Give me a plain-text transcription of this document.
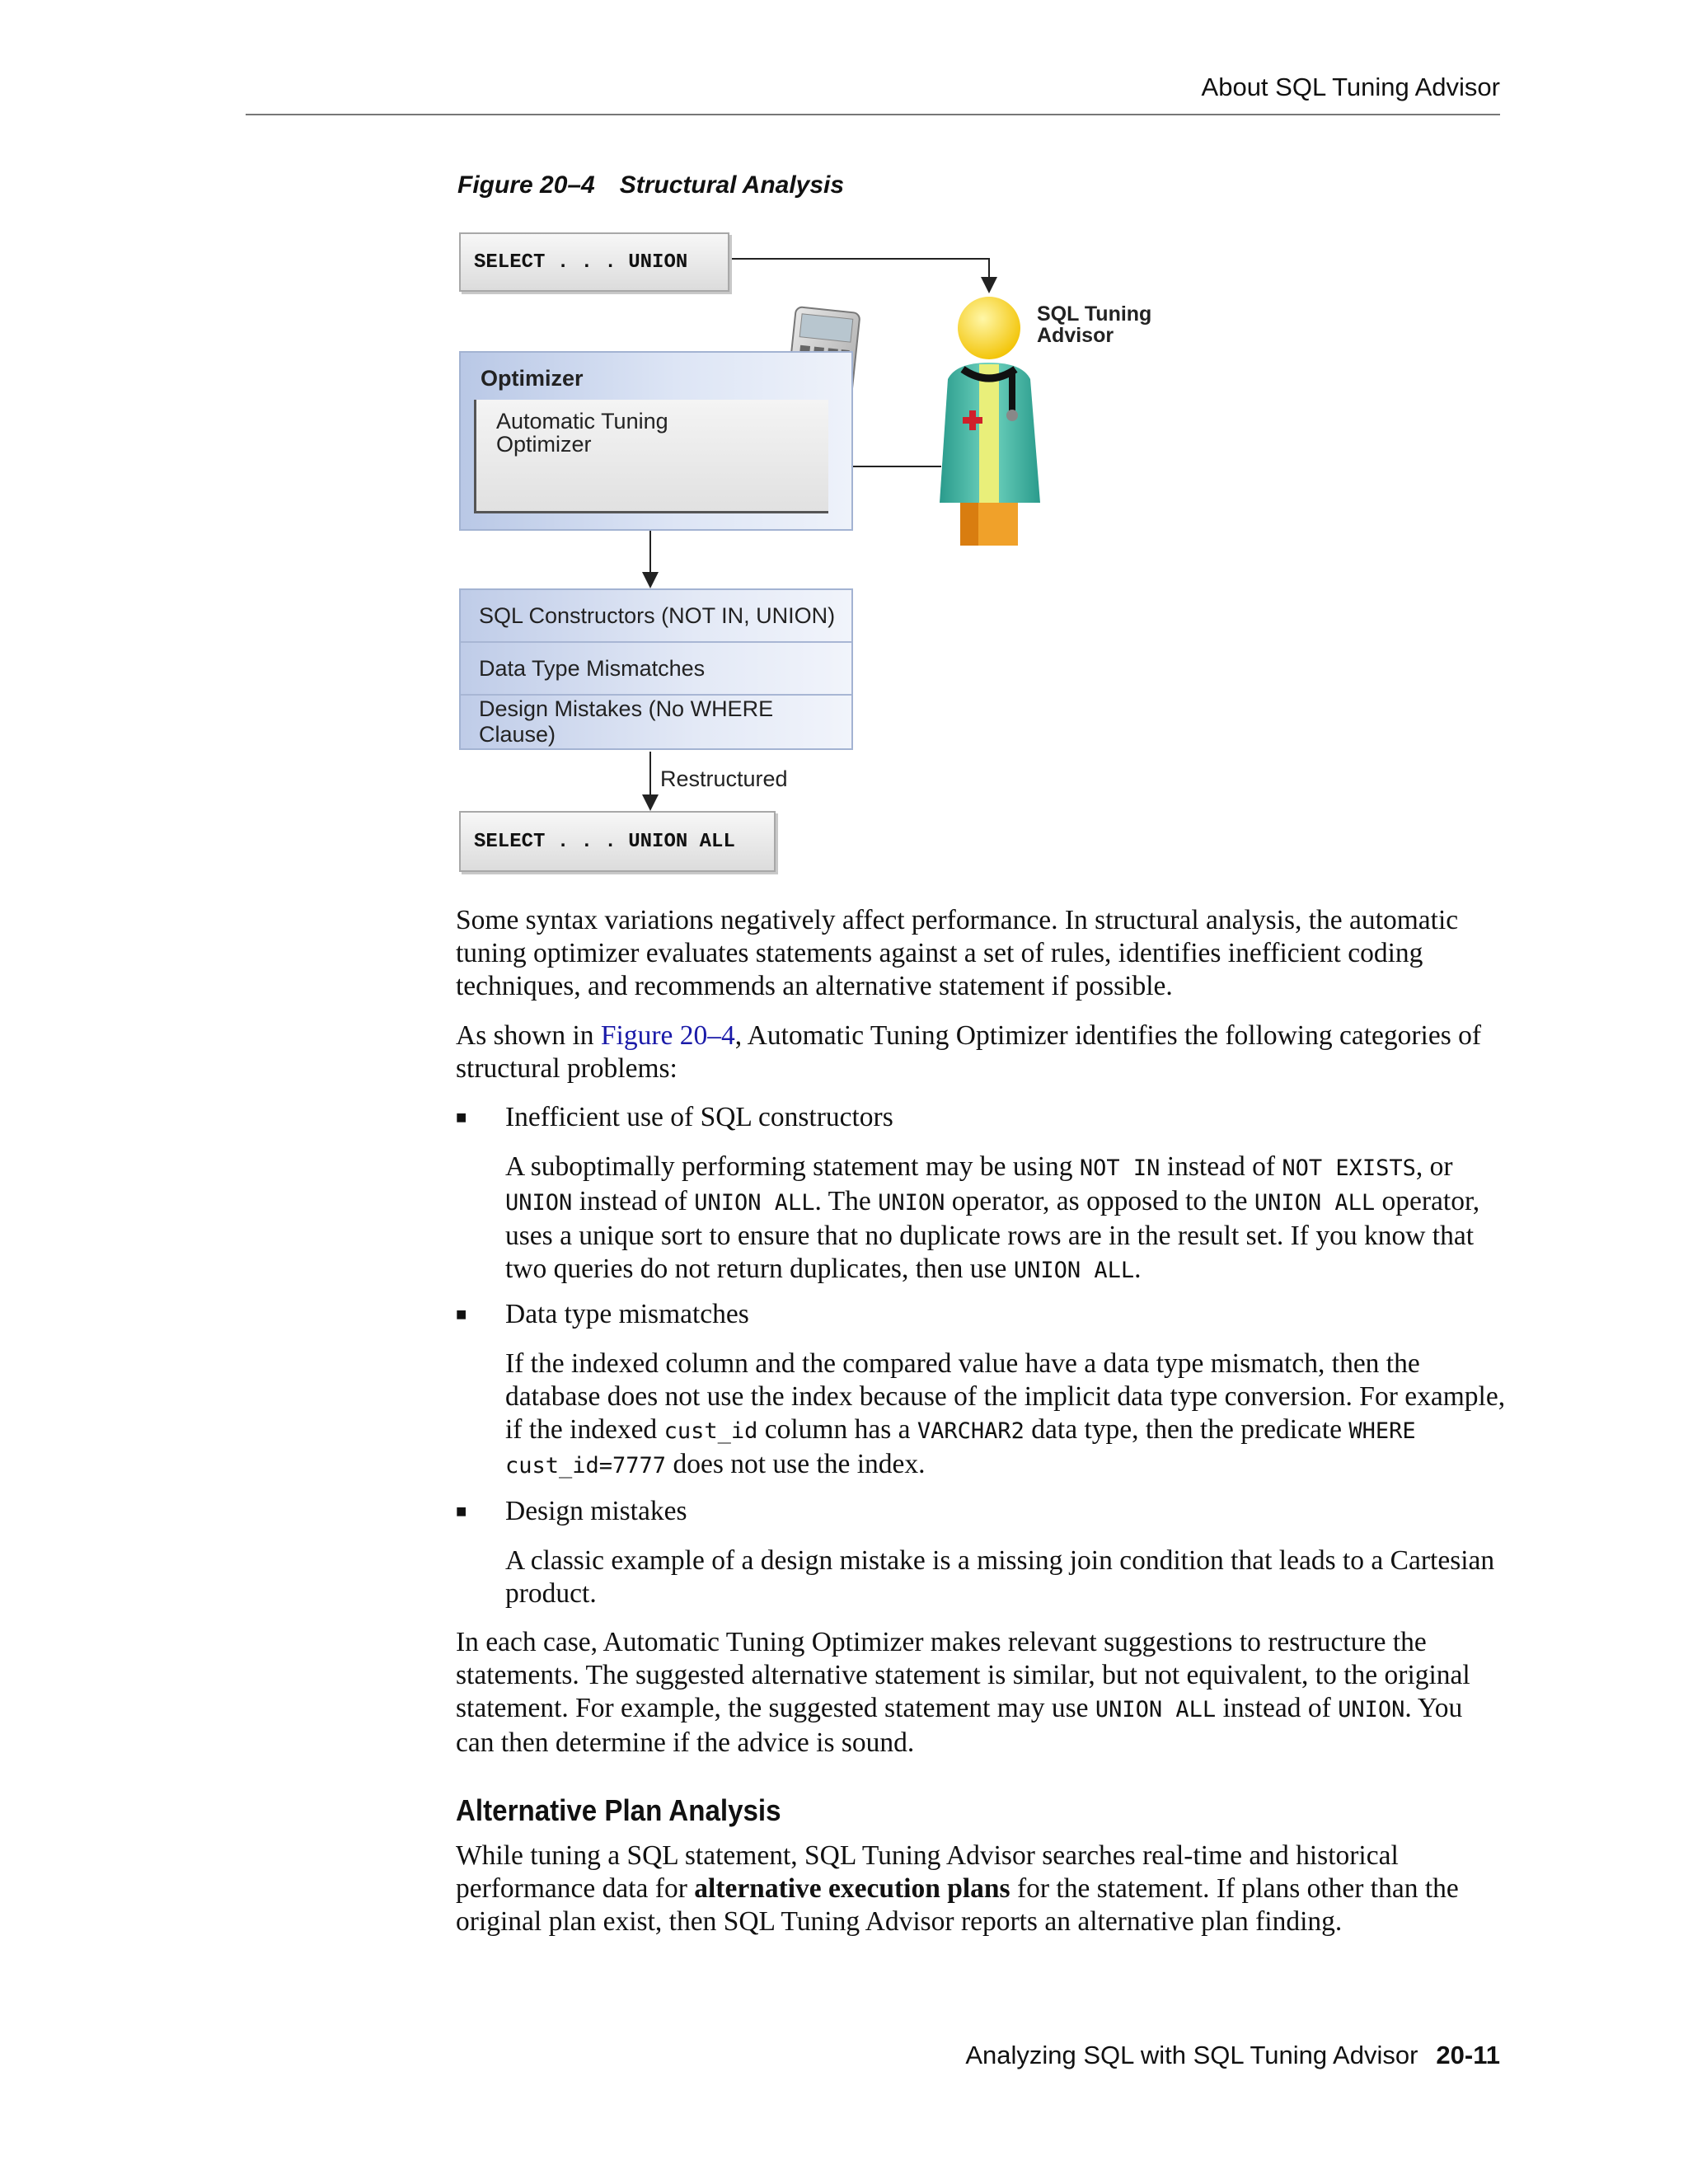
About SQL Tuning Advisor
Figure 20–4 Structural Analysis
SELECT . . . UNION
SQL Tuning
Advisor
Optimizer
Automatic Tuning
Optimizer
SQL Constructors (NOT IN, UNION)
Data Type Mismatches
Design Mistakes (No WHERE Clause)
Restructured
SELECT . . . UNION ALL

Some syntax variations negatively affect performance. In structural analysis, the automatic tuning optimizer evaluates statements against a set of rules, identifies inefficient coding techniques, and recommends an alternative statement if possible.

As shown in Figure 20–4, Automatic Tuning Optimizer identifies the following categories of structural problems:

■ Inefficient use of SQL constructors

A suboptimally performing statement may be using NOT IN instead of NOT EXISTS, or UNION instead of UNION ALL. The UNION operator, as opposed to the UNION ALL operator, uses a unique sort to ensure that no duplicate rows are in the result set. If you know that two queries do not return duplicates, then use UNION ALL.

■ Data type mismatches

If the indexed column and the compared value have a data type mismatch, then the database does not use the index because of the implicit data type conversion. For example, if the indexed cust_id column has a VARCHAR2 data type, then the predicate WHERE cust_id=7777 does not use the index.

■ Design mistakes

A classic example of a design mistake is a missing join condition that leads to a Cartesian product.

In each case, Automatic Tuning Optimizer makes relevant suggestions to restructure the statements. The suggested alternative statement is similar, but not equivalent, to the original statement. For example, the suggested statement may use UNION ALL instead of UNION. You can then determine if the advice is sound.

Alternative Plan Analysis

While tuning a SQL statement, SQL Tuning Advisor searches real-time and historical performance data for alternative execution plans for the statement. If plans other than the original plan exist, then SQL Tuning Advisor reports an alternative plan finding.

Analyzing SQL with SQL Tuning Advisor 20-11
